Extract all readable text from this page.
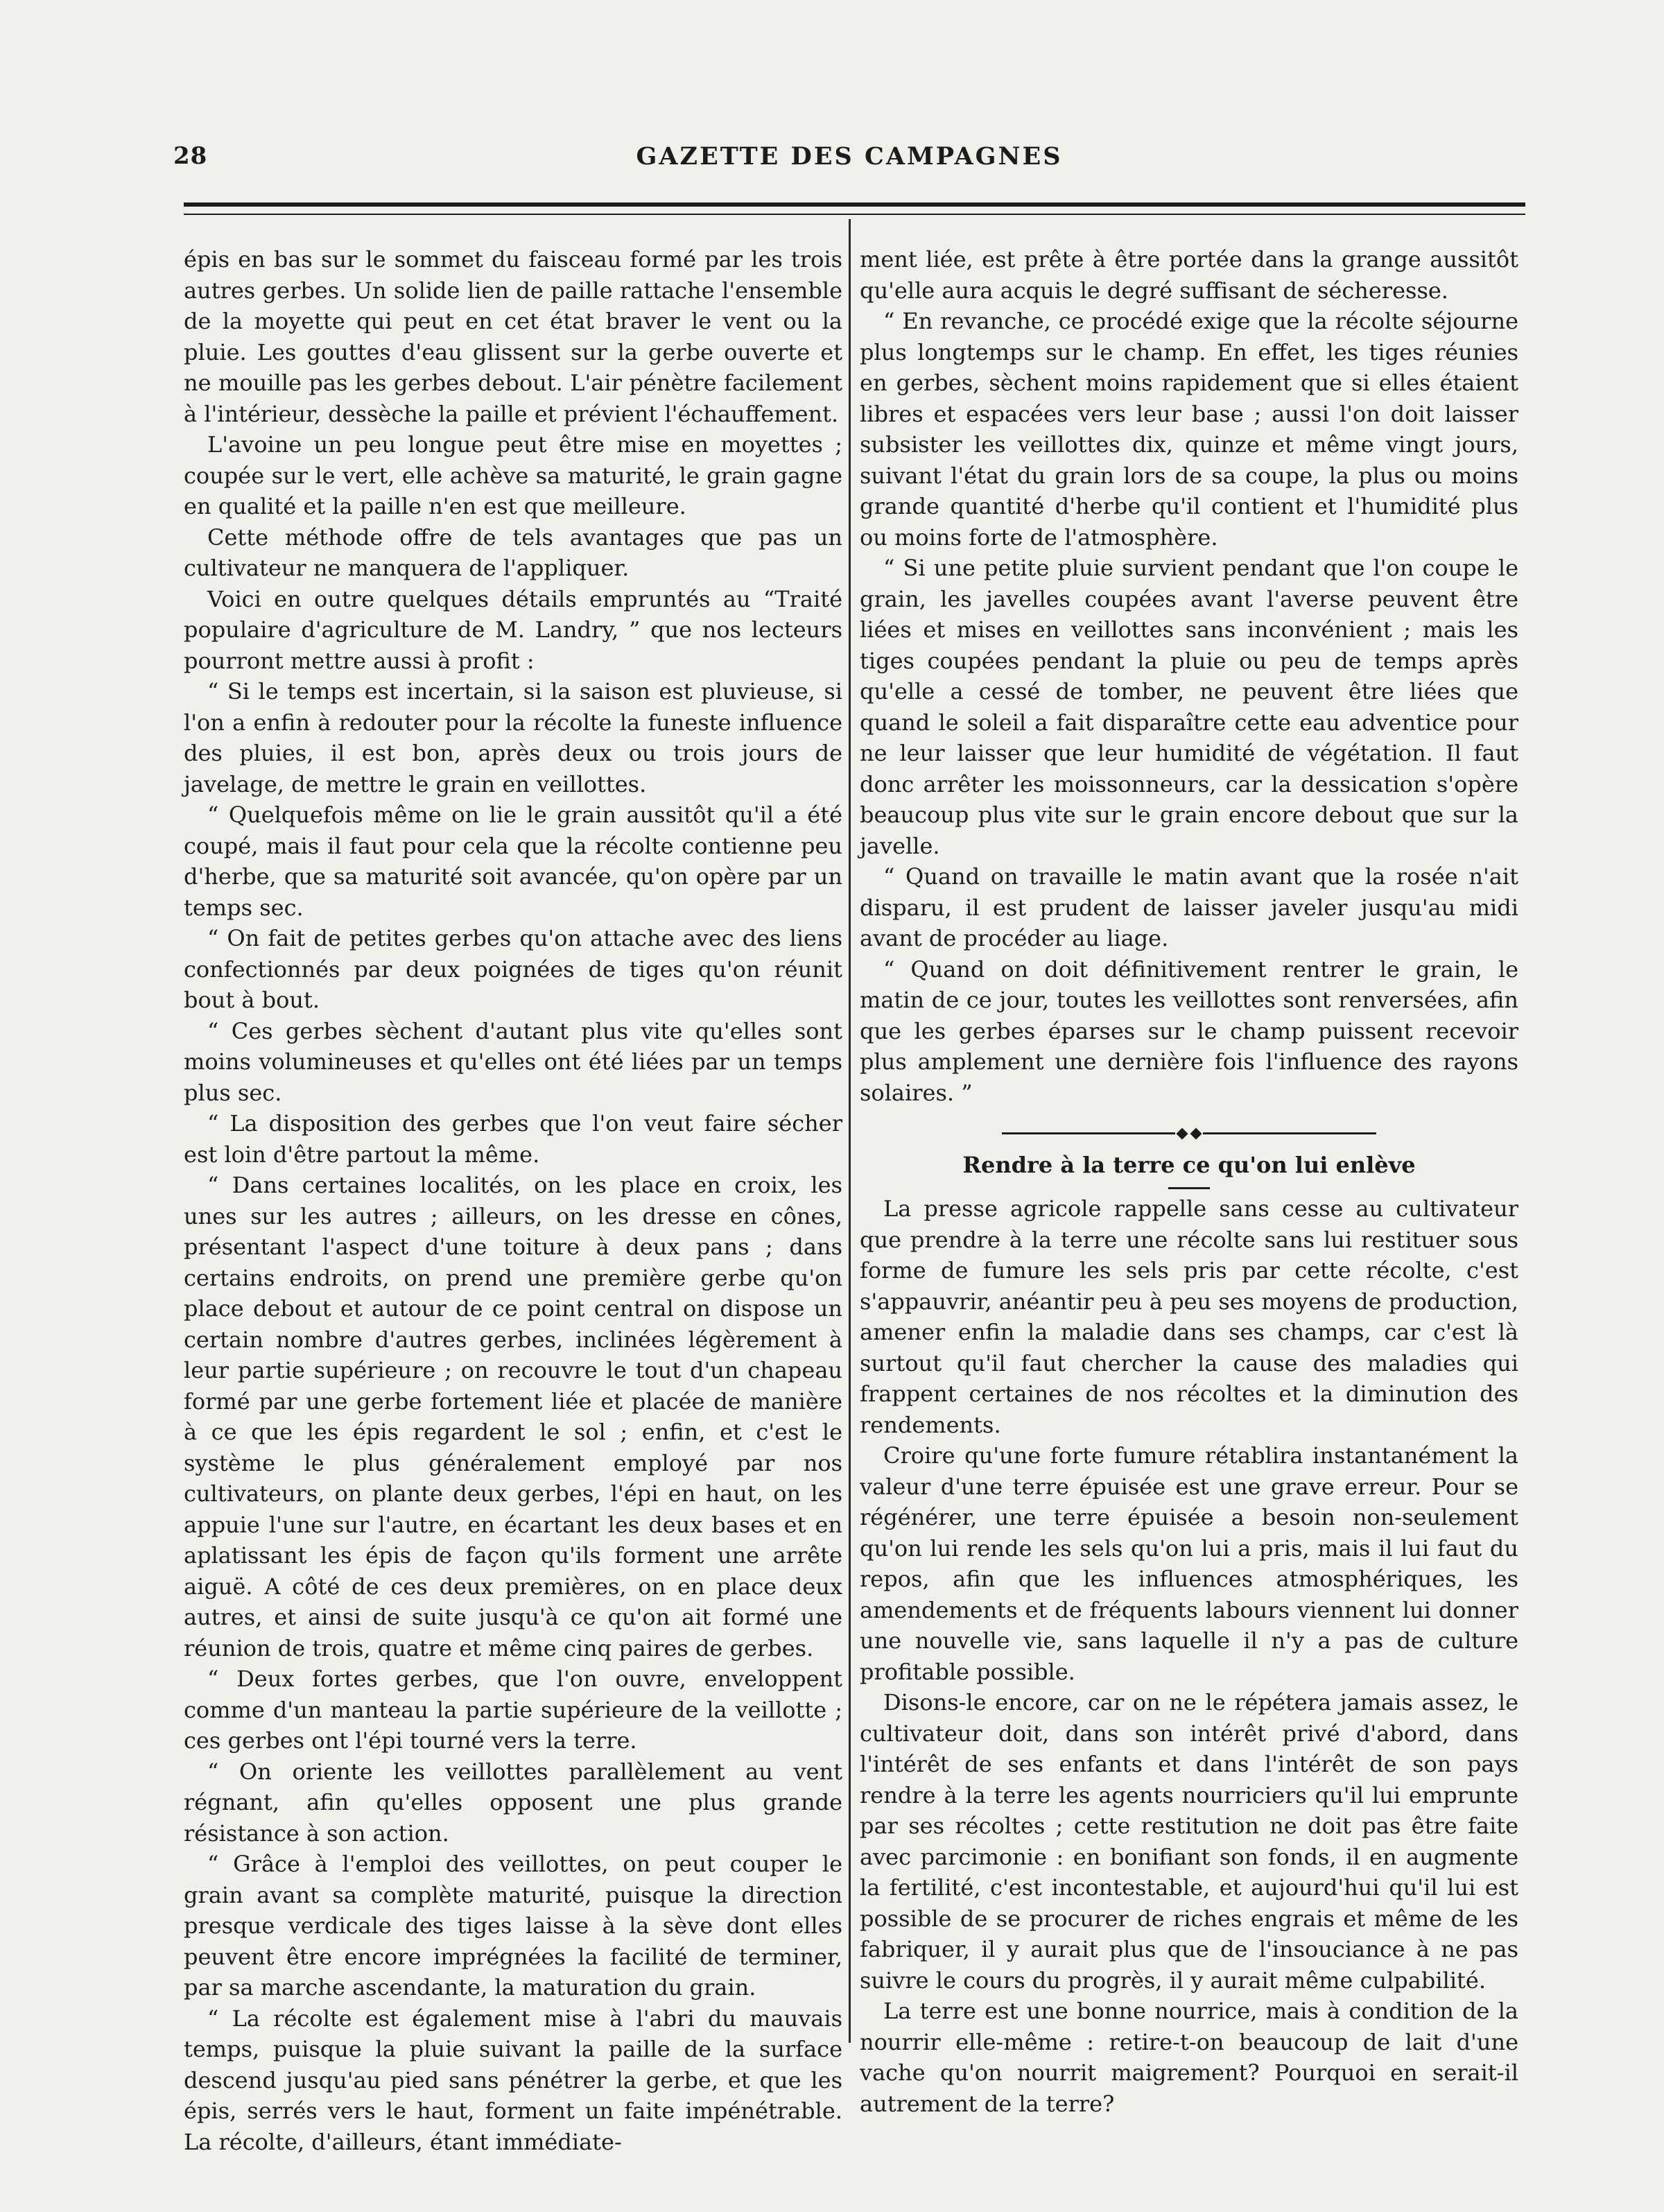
28	GAZETTE DES CAMPAGNES

épis en bas sur le sommet du faisceau formé par les trois autres gerbes. Un solide lien de paille rattache l'ensemble de la moyette qui peut en cet état braver le vent ou la pluie. Les gouttes d'eau glissent sur la gerbe ouverte et ne mouille pas les gerbes debout. L'air pénètre facilement à l'intérieur, dessèche la paille et prévient l'échauffement.

L'avoine un peu longue peut être mise en moyettes ; coupée sur le vert, elle achève sa maturité, le grain gagne en qualité et la paille n'en est que meilleure.

Cette méthode offre de tels avantages que pas un cultivateur ne manquera de l'appliquer.

Voici en outre quelques détails empruntés au “Traité populaire d'agriculture de M. Landry, ” que nos lecteurs pourront mettre aussi à profit :

“ Si le temps est incertain, si la saison est pluvieuse, si l'on a enfin à redouter pour la récolte la funeste influence des pluies, il est bon, après deux ou trois jours de javelage, de mettre le grain en veillottes.

“ Quelquefois même on lie le grain aussitôt qu'il a été coupé, mais il faut pour cela que la récolte contienne peu d'herbe, que sa maturité soit avancée, qu'on opère par un temps sec.

“ On fait de petites gerbes qu'on attache avec des liens confectionnés par deux poignées de tiges qu'on réunit bout à bout.

“ Ces gerbes sèchent d'autant plus vite qu'elles sont moins volumineuses et qu'elles ont été liées par un temps plus sec.

“ La disposition des gerbes que l'on veut faire sécher est loin d'être partout la même.

“ Dans certaines localités, on les place en croix, les unes sur les autres ; ailleurs, on les dresse en cônes, présentant l'aspect d'une toiture à deux pans ; dans certains endroits, on prend une première gerbe qu'on place debout et autour de ce point central on dispose un certain nombre d'autres gerbes, inclinées légèrement à leur partie supérieure ; on recouvre le tout d'un chapeau formé par une gerbe fortement liée et placée de manière à ce que les épis regardent le sol ; enfin, et c'est le système le plus généralement employé par nos cultivateurs, on plante deux gerbes, l'épi en haut, on les appuie l'une sur l'autre, en écartant les deux bases et en aplatissant les épis de façon qu'ils forment une arrête aiguë. A côté de ces deux premières, on en place deux autres, et ainsi de suite jusqu'à ce qu'on ait formé une réunion de trois, quatre et même cinq paires de gerbes.

“ Deux fortes gerbes, que l'on ouvre, enveloppent comme d'un manteau la partie supérieure de la veillotte ; ces gerbes ont l'épi tourné vers la terre.

“ On oriente les veillottes parallèlement au vent régnant, afin qu'elles opposent une plus grande résistance à son action.

“ Grâce à l'emploi des veillottes, on peut couper le grain avant sa complète maturité, puisque la direction presque verdicale des tiges laisse à la sève dont elles peuvent être encore imprégnées la facilité de terminer, par sa marche ascendante, la maturation du grain.

“ La récolte est également mise à l'abri du mauvais temps, puisque la pluie suivant la paille de la surface descend jusqu'au pied sans pénétrer la gerbe, et que les épis, serrés vers le haut, forment un faite impénétrable. La récolte, d'ailleurs, étant immédiate-

ment liée, est prête à être portée dans la grange aussitôt qu'elle aura acquis le degré suffisant de sécheresse.

“ En revanche, ce procédé exige que la récolte séjourne plus longtemps sur le champ. En effet, les tiges réunies en gerbes, sèchent moins rapidement que si elles étaient libres et espacées vers leur base ; aussi l'on doit laisser subsister les veillottes dix, quinze et même vingt jours, suivant l'état du grain lors de sa coupe, la plus ou moins grande quantité d'herbe qu'il contient et l'humidité plus ou moins forte de l'atmosphère.

“ Si une petite pluie survient pendant que l'on coupe le grain, les javelles coupées avant l'averse peuvent être liées et mises en veillottes sans inconvénient ; mais les tiges coupées pendant la pluie ou peu de temps après qu'elle a cessé de tomber, ne peuvent être liées que quand le soleil a fait disparaître cette eau adventice pour ne leur laisser que leur humidité de végétation. Il faut donc arrêter les moissonneurs, car la dessication s'opère beaucoup plus vite sur le grain encore debout que sur la javelle.

“ Quand on travaille le matin avant que la rosée n'ait disparu, il est prudent de laisser javeler jusqu'au midi avant de procéder au liage.

“ Quand on doit définitivement rentrer le grain, le matin de ce jour, toutes les veillottes sont renversées, afin que les gerbes éparses sur le champ puissent recevoir plus amplement une dernière fois l'influence des rayons solaires. ”

Rendre à la terre ce qu'on lui enlève

La presse agricole rappelle sans cesse au cultivateur que prendre à la terre une récolte sans lui restituer sous forme de fumure les sels pris par cette récolte, c'est s'appauvrir, anéantir peu à peu ses moyens de production, amener enfin la maladie dans ses champs, car c'est là surtout qu'il faut chercher la cause des maladies qui frappent certaines de nos récoltes et la diminution des rendements.

Croire qu'une forte fumure rétablira instantanément la valeur d'une terre épuisée est une grave erreur. Pour se régénérer, une terre épuisée a besoin non-seulement qu'on lui rende les sels qu'on lui a pris, mais il lui faut du repos, afin que les influences atmosphériques, les amendements et de fréquents labours viennent lui donner une nouvelle vie, sans laquelle il n'y a pas de culture profitable possible.

Disons-le encore, car on ne le répétera jamais assez, le cultivateur doit, dans son intérêt privé d'abord, dans l'intérêt de ses enfants et dans l'intérêt de son pays rendre à la terre les agents nourriciers qu'il lui emprunte par ses récoltes ; cette restitution ne doit pas être faite avec parcimonie : en bonifiant son fonds, il en augmente la fertilité, c'est incontestable, et aujourd'hui qu'il lui est possible de se procurer de riches engrais et même de les fabriquer, il y aurait plus que de l'insouciance à ne pas suivre le cours du progrès, il y aurait même culpabilité.

La terre est une bonne nourrice, mais à condition de la nourrir elle-même : retire-t-on beaucoup de lait d'une vache qu'on nourrit maigrement? Pourquoi en serait-il autrement de la terre?
